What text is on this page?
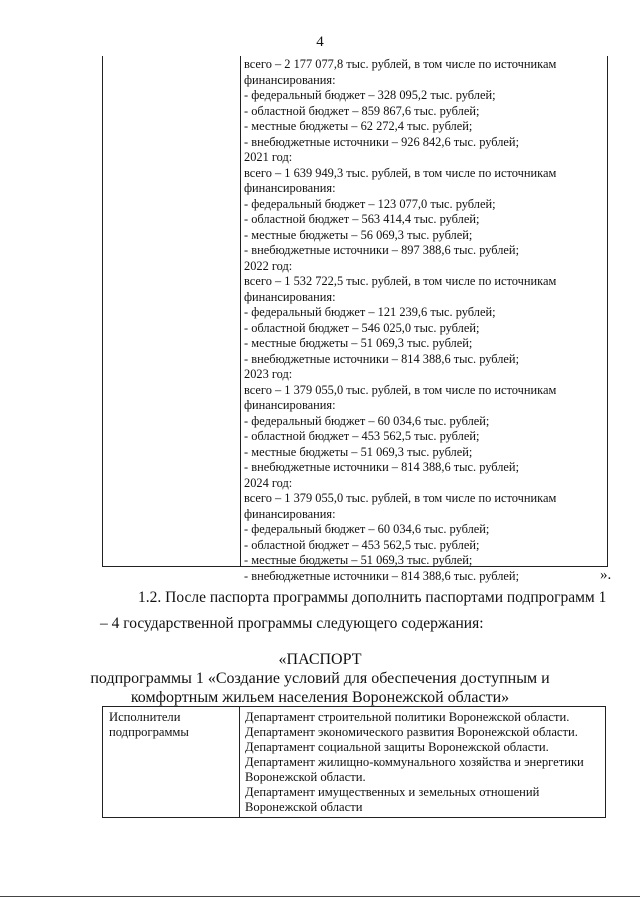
4
всего – 2 177 077,8 тыс. рублей, в том числе по источникам
финансирования:
- федеральный бюджет – 328 095,2 тыс. рублей;
- областной бюджет – 859 867,6 тыс. рублей;
- местные бюджеты – 62 272,4 тыс. рублей;
- внебюджетные источники – 926 842,6 тыс. рублей;
2021 год:
всего – 1 639 949,3 тыс. рублей, в том числе по источникам
финансирования:
- федеральный бюджет – 123 077,0 тыс. рублей;
- областной бюджет – 563 414,4 тыс. рублей;
- местные бюджеты – 56 069,3 тыс. рублей;
- внебюджетные источники – 897 388,6 тыс. рублей;
2022 год:
всего – 1 532 722,5 тыс. рублей, в том числе по источникам
финансирования:
- федеральный бюджет – 121 239,6 тыс. рублей;
- областной бюджет – 546 025,0 тыс. рублей;
- местные бюджеты – 51 069,3 тыс. рублей;
- внебюджетные источники – 814 388,6 тыс. рублей;
2023 год:
всего – 1 379 055,0 тыс. рублей, в том числе по источникам
финансирования:
- федеральный бюджет – 60 034,6 тыс. рублей;
- областной бюджет – 453 562,5 тыс. рублей;
- местные бюджеты – 51 069,3 тыс. рублей;
- внебюджетные источники – 814 388,6 тыс. рублей;
2024 год:
всего – 1 379 055,0 тыс. рублей, в том числе по источникам
финансирования:
- федеральный бюджет – 60 034,6 тыс. рублей;
- областной бюджет – 453 562,5 тыс. рублей;
- местные бюджеты – 51 069,3 тыс. рублей;
- внебюджетные источники – 814 388,6 тыс. рублей;	».
1.2. После паспорта программы дополнить паспортами подпрограмм 1
– 4 государственной программы следующего содержания:
«ПАСПОРТ
подпрограммы 1 «Создание условий для обеспечения доступным и
комфортным жильем населения Воронежской области»
Исполнители
подпрограммы
Департамент строительной политики Воронежской области.
Департамент экономического развития Воронежской области.
Департамент социальной защиты Воронежской области.
Департамент жилищно-коммунального хозяйства и энергетики
Воронежской области.
Департамент имущественных и земельных отношений
Воронежской области
